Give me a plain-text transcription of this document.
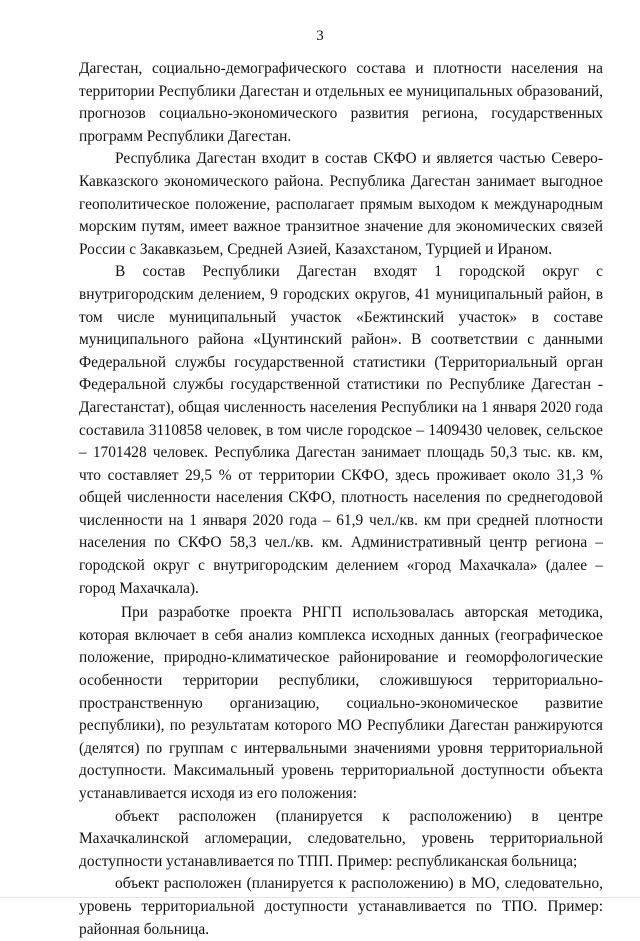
3

Дагестан, социально-демографического состава и плотности населения на территории Республики Дагестан и отдельных ее муниципальных образований, прогнозов социально-экономического развития региона, государственных программ Республики Дагестан.

Республика Дагестан входит в состав СКФО и является частью Северо-Кавказского экономического района. Республика Дагестан занимает выгодное геополитическое положение, располагает прямым выходом к международным морским путям, имеет важное транзитное значение для экономических связей России с Закавказьем, Средней Азией, Казахстаном, Турцией и Ираном.

В состав Республики Дагестан входят 1 городской округ с внутригородским делением, 9 городских округов, 41 муниципальный район, в том числе муниципальный участок «Бежтинский участок» в составе муниципального района «Цунтинский район». В соответствии с данными Федеральной службы государственной статистики (Территориальный орган Федеральной службы государственной статистики по Республике Дагестан - Дагестанстат), общая численность населения Республики на 1 января 2020 года составила 3110858 человек, в том числе городское – 1409430 человек, сельское – 1701428 человек. Республика Дагестан занимает площадь 50,3 тыс. кв. км, что составляет 29,5 % от территории СКФО, здесь проживает около 31,3 % общей численности населения СКФО, плотность населения по среднегодовой численности на 1 января 2020 года – 61,9 чел./кв. км при средней плотности населения по СКФО 58,3 чел./кв. км. Административный центр региона – городской округ с внутригородским делением «город Махачкала» (далее – город Махачкала).

При разработке проекта РНГП использовалась авторская методика, которая включает в себя анализ комплекса исходных данных (географическое положение, природно-климатическое районирование и геоморфологические особенности территории республики, сложившуюся территориально-пространственную организацию, социально-экономическое развитие республики), по результатам которого МО Республики Дагестан ранжируются (делятся) по группам с интервальными значениями уровня территориальной доступности. Максимальный уровень территориальной доступности объекта устанавливается исходя из его положения:

объект расположен (планируется к расположению) в центре Махачкалинской агломерации, следовательно, уровень территориальной доступности устанавливается по ТПП. Пример: республиканская больница;

объект расположен (планируется к расположению) в МО, следовательно, уровень территориальной доступности устанавливается по ТПО. Пример: районная больница.
